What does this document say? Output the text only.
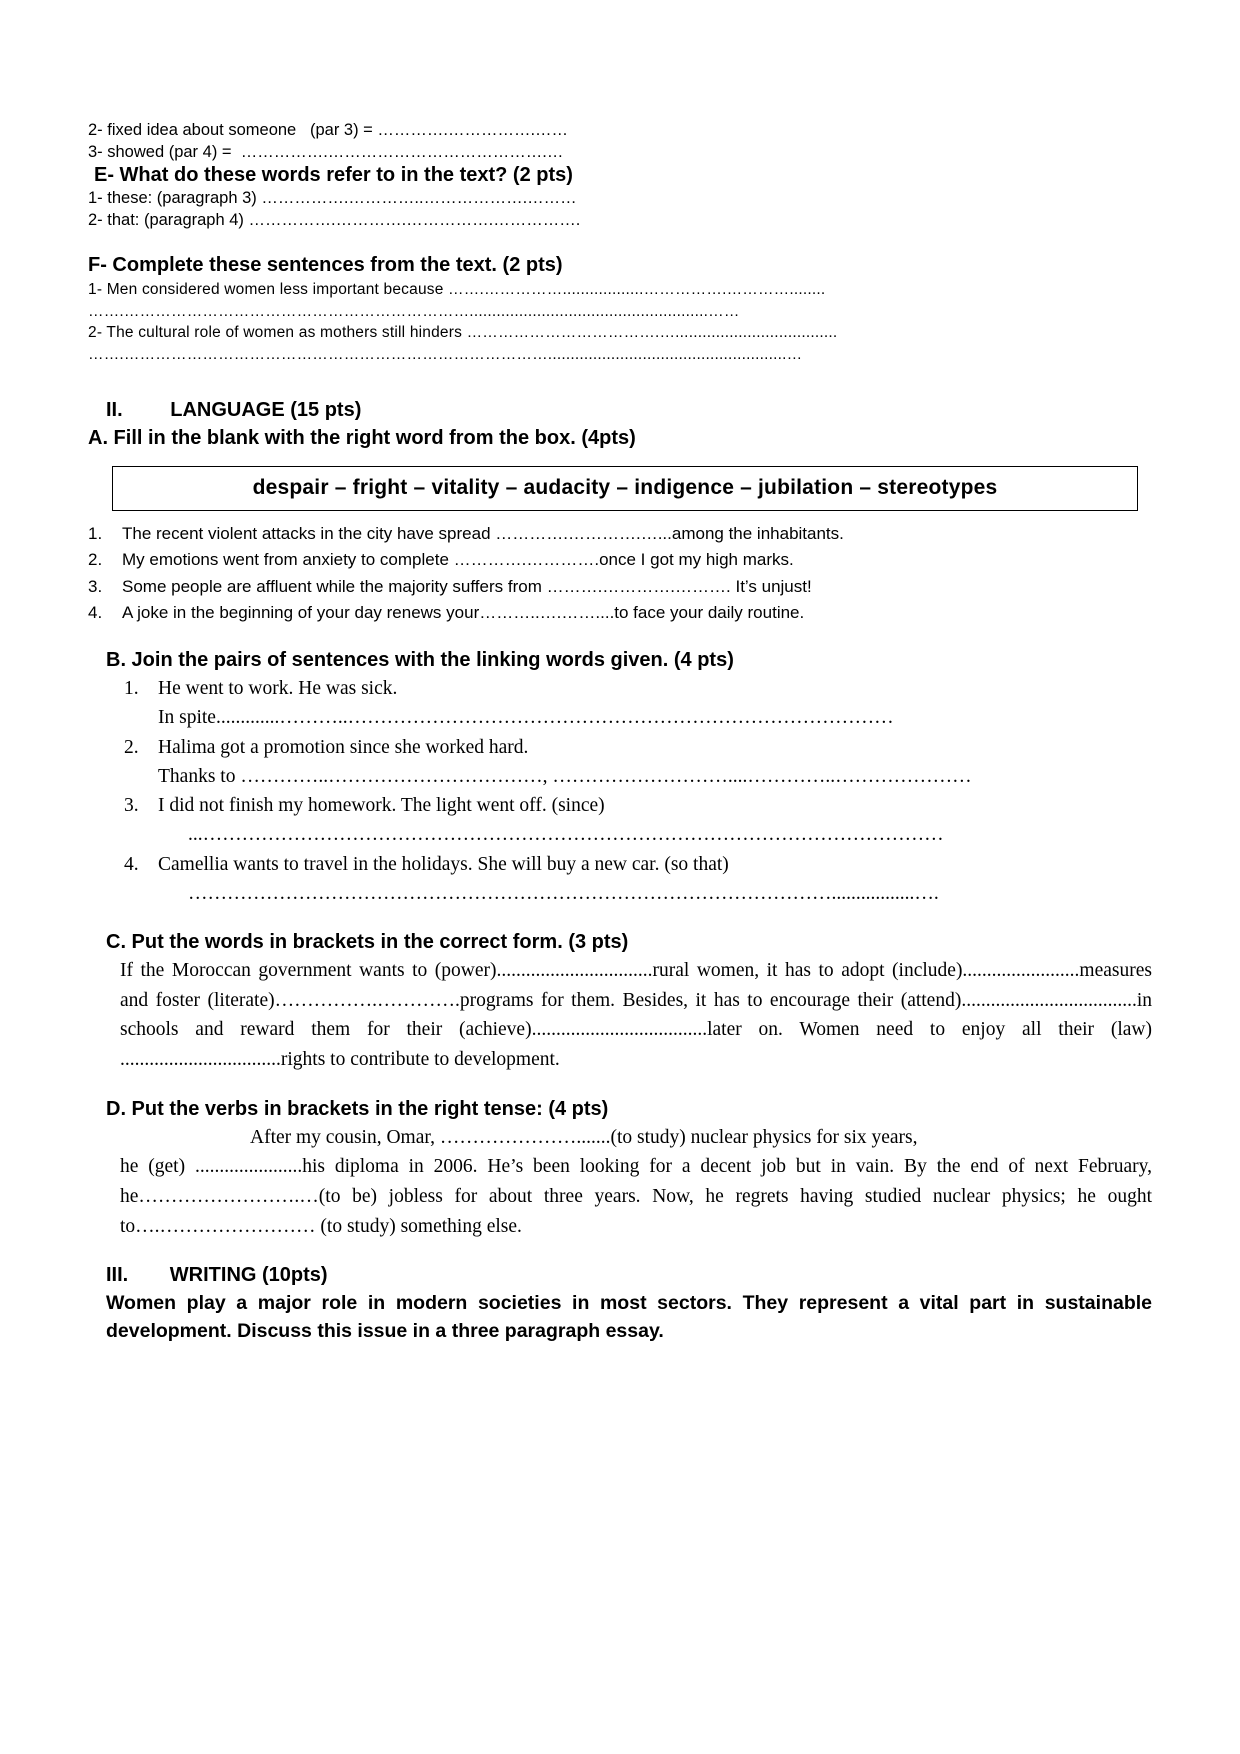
2- fixed idea about someone   (par 3) = ………….…………….……
3- showed (par 4) =  …………….………………………………….…
E- What do these words refer to in the text? (2 pts)
1- these: (paragraph 3) …………….…………..……………….………
2- that: (paragraph 4) …………….………….…………….…………….
F- Complete these sentences from the text. (2 pts)
1- Men considered women less important because …….……………..................…………….…………........
…….………………………………………………………….....................................................……
2- The cultural role of women as mothers still hinders ……………………………….…....................................
…….……………………………………………………………………….....................................................…
II. LANGUAGE (15 pts)
A. Fill in the blank with the right word from the box. (4pts)
despair – fright – vitality – audacity – indigence – jubilation – stereotypes
1.	The recent violent attacks in the city have spread ………….………….…...among the inhabitants.
2.	My emotions went from anxiety to complete ………….………….once I got my high marks.
3.	Some people are affluent while the majority suffers from ……….………….………. It’s unjust!
4.	A joke in the beginning of your day renews your………..….……....to face your daily routine.
B. Join the pairs of sentences with the linking words given. (4 pts)
1. He went to work. He was sick.
In spite.............………..…………………………………………………………………………
2. Halima got a promotion since she worked hard.
Thanks to …………..……………………………, ………………………....…………..…………………
3. I did not finish my homework. The light went off. (since)
...……………………………………………………………………………………………………
4. Camellia wants to travel in the holidays. She will buy a new car. (so that)
……………………………………………………………………………………….................….
C. Put the words in brackets in the correct form. (3 pts)
If the Moroccan government wants to (power)................................rural women, it has to adopt (include)........................measures and foster (literate)…………….………….programs for them. Besides, it has to encourage their (attend)....................................in schools and reward them for their (achieve)....................................later on. Women need to enjoy all their (law) .................................rights to contribute to development.
D. Put the verbs in brackets in the right tense: (4 pts)
After my cousin, Omar, ………………….......(to study) nuclear physics for six years,
he (get) ......................his diploma in 2006. He’s been looking for a decent job but in vain. By the end of next February, he…………………….…(to be) jobless for about three years. Now, he regrets having studied nuclear physics; he ought to….…………………… (to study) something else.
III. WRITING (10pts)
Women play a major role in modern societies in most sectors. They represent a vital part in sustainable development. Discuss this issue in a three paragraph essay.
